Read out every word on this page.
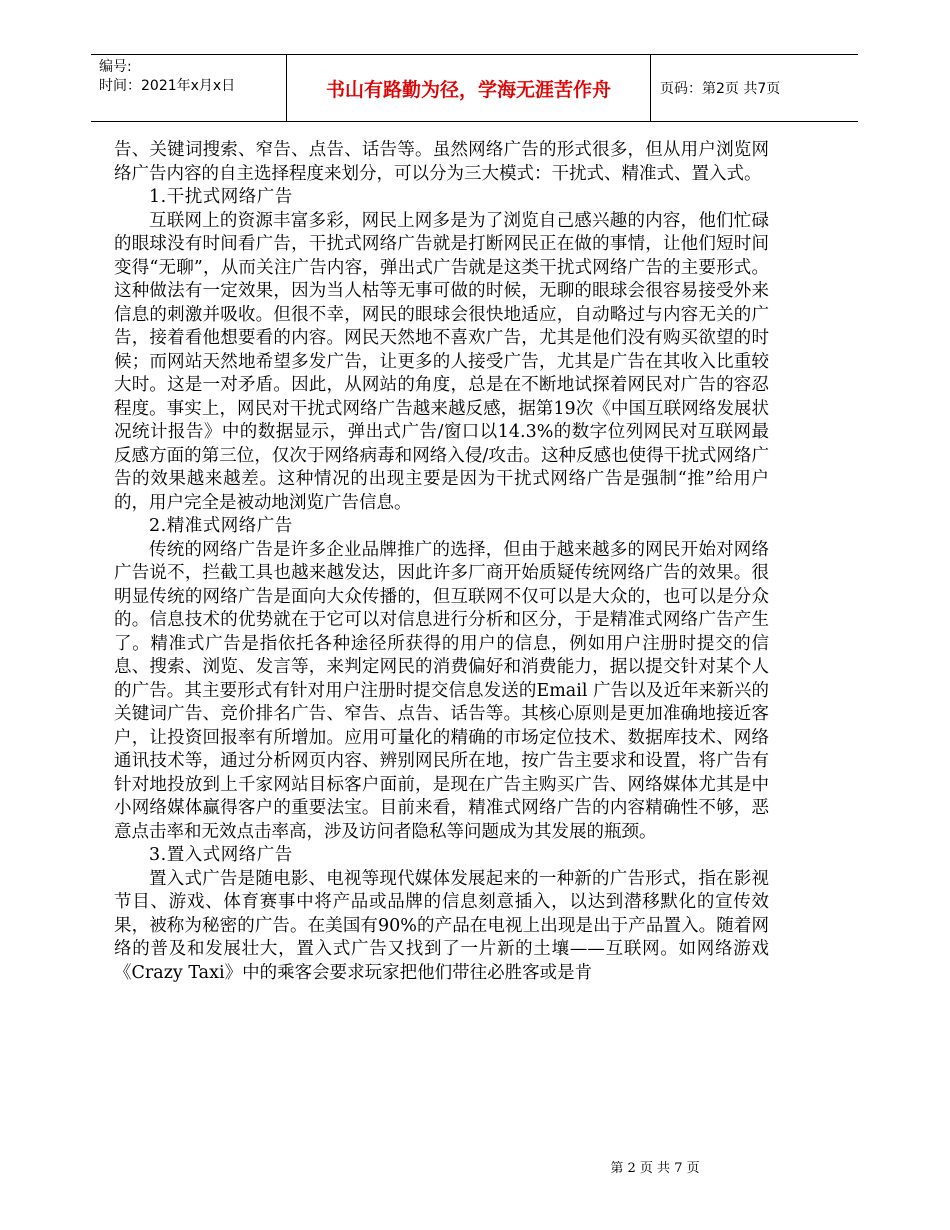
编号:
时间：2021年x月x日	书山有路勤为径，学海无涯苦作舟	页码：第2页 共7页

告、关键词搜索、窄告、点告、话告等。虽然网络广告的形式很多，但从用户浏览网络广告内容的自主选择程度来划分，可以分为三大模式：干扰式、精准式、置入式。

1.干扰式网络广告

互联网上的资源丰富多彩，网民上网多是为了浏览自己感兴趣的内容，他们忙碌的眼球没有时间看广告，干扰式网络广告就是打断网民正在做的事情，让他们短时间变得“无聊”，从而关注广告内容，弹出式广告就是这类干扰式网络广告的主要形式。这种做法有一定效果，因为当人枯等无事可做的时候，无聊的眼球会很容易接受外来信息的刺激并吸收。但很不幸，网民的眼球会很快地适应，自动略过与内容无关的广告，接着看他想要看的内容。网民天然地不喜欢广告，尤其是他们没有购买欲望的时候；而网站天然地希望多发广告，让更多的人接受广告，尤其是广告在其收入比重较大时。这是一对矛盾。因此，从网站的角度，总是在不断地试探着网民对广告的容忍程度。事实上，网民对干扰式网络广告越来越反感，据第19次《中国互联网络发展状况统计报告》中的数据显示，弹出式广告/窗口以14.3%的数字位列网民对互联网最反感方面的第三位，仅次于网络病毒和网络入侵/攻击。这种反感也使得干扰式网络广告的效果越来越差。这种情况的出现主要是因为干扰式网络广告是强制“推”给用户的，用户完全是被动地浏览广告信息。

2.精准式网络广告

传统的网络广告是许多企业品牌推广的选择，但由于越来越多的网民开始对网络广告说不，拦截工具也越来越发达，因此许多厂商开始质疑传统网络广告的效果。很明显传统的网络广告是面向大众传播的，但互联网不仅可以是大众的，也可以是分众的。信息技术的优势就在于它可以对信息进行分析和区分，于是精准式网络广告产生了。精准式广告是指依托各种途径所获得的用户的信息，例如用户注册时提交的信息、搜索、浏览、发言等，来判定网民的消费偏好和消费能力，据以提交针对某个人的广告。其主要形式有针对用户注册时提交信息发送的Email 广告以及近年来新兴的关键词广告、竞价排名广告、窄告、点告、话告等。其核心原则是更加准确地接近客户，让投资回报率有所增加。应用可量化的精确的市场定位技术、数据库技术、网络通讯技术等，通过分析网页内容、辨别网民所在地，按广告主要求和设置，将广告有针对地投放到上千家网站目标客户面前，是现在广告主购买广告、网络媒体尤其是中小网络媒体赢得客户的重要法宝。目前来看，精准式网络广告的内容精确性不够，恶意点击率和无效点击率高，涉及访问者隐私等问题成为其发展的瓶颈。

3.置入式网络广告

置入式广告是随电影、电视等现代媒体发展起来的一种新的广告形式，指在影视节目、游戏、体育赛事中将产品或品牌的信息刻意插入，以达到潜移默化的宣传效果，被称为秘密的广告。在美国有90%的产品在电视上出现是出于产品置入。随着网络的普及和发展壮大，置入式广告又找到了一片新的土壤——互联网。如网络游戏《Crazy Taxi》中的乘客会要求玩家把他们带往必胜客或是肯

第 2 页 共 7 页
